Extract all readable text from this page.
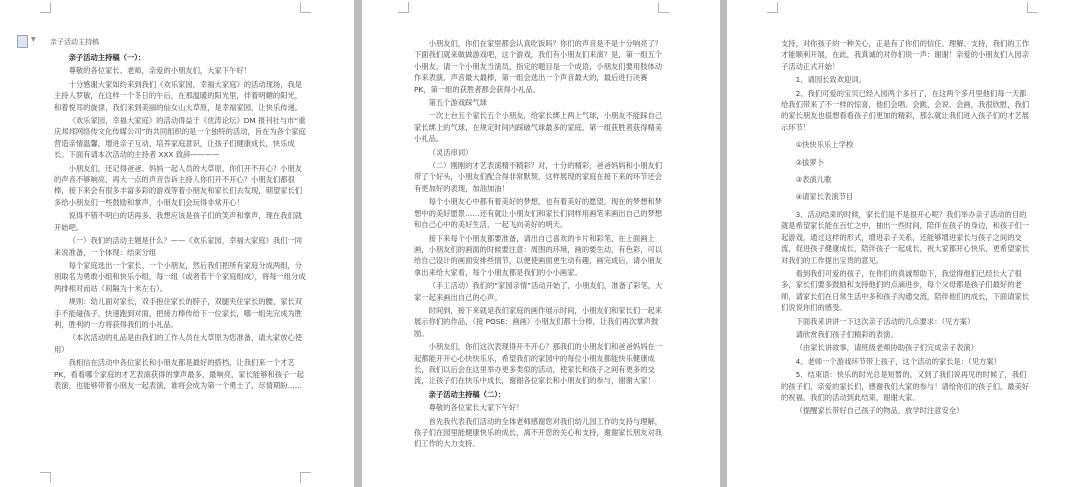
▼ 亲子活动主持稿

亲子活动主持稿（一）：

尊敬的各位家长、老师，亲爱的小朋友们，大家下午好！

十分感谢大家如约来到我们《欢乐家园，幸福大家庭》的活动现场，我是主持人罗敏，在这样一个冬日的午后，在那温暖的阳光里，伴着明媚的阳光，和着悦耳的旋律，我们来到美丽的仙女山大草原，是幸福家园，让快乐传递。

《欢乐家园，幸福大家庭》的活动得益于《优涛论坛》DM 报刊社与市“重庆邦邦网络传文化传媒公司”的共同组织的是一个独特的活动，旨在为各个家庭营造亲情温馨，增进亲子互动，培养家庭意识，让孩子们健康成长，快乐成长。下面有请本次活动的主持者 XXX 致辞————

小朋友们，还记得爸爸、妈妈一起人员的大草原，你们开不开心？小朋友的声音不够响亮，再大一点的声音告诉主持人你们开不开心？小朋友们都很棒，接下来会有很多丰富多彩的游戏等着小朋友和家长们去发现，期望家长们多给小朋友们一些鼓励和掌声，小朋友们会玩得非常开心！

说得不错不明白的话再多，我想应该是孩子们的笑声和掌声，现在我们就开始吧。

（一）我们的活动主题是什么？——《欢乐家园，幸福大家庭》我们一同来说准备，一个体现：结束分组

每个家庭选出一个家长、一个小朋友，然后我们把所有家庭分成两组，分别取名为勇敢小组和快乐小组，每一组（或者若干个家庭组成），将每一组分成两排相对而站（间隔为十米左右）。

规则：幼儿面对家长，双手抱住家长的脖子，双腿夹住家长的腰，家长双手不能碰孩子，快速跑到对面，把接力棒传给下一位家长，哪一组先完成为胜利，胜利的一方将获得我们的小礼品。

（本次活动的礼品是由我们的工作人员在大草原为您准备，请大家放心使用）

我相信在活动中各位家长和小朋友都是最好的搭档，让我们来一个才艺 PK，看看哪个家庭的才艺表演获得的掌声最多，最响亮，家长能够和孩子一起表演，也能够带着小朋友一起表演，谁将会成为第一个勇士了，尽情期盼……

小朋友们，你们在家里都会认真吃饭吗？你们的声音是不是十分响亮了？下面我们就来做做游戏吧，这个游戏，我们有小朋友们来演？是，第一组五个小朋友，请一个小朋友当演员，指定的题目是一个成语，小朋友们要用肢体动作来表演，声音最大最棒，第一组会选出一个声音最大的，最后进行决赛 PK，第一组的获胜者都会获得小礼品。

第五个游戏踩气球

一次上台五个家长五个小朋友，给家长绑上两上气球，小朋友不能踩自己家长绑上的气球，在规定时间内踩破气球最多的家庭，第一组获胜者获得精美小礼品。

（灵活串词）

（二）刚刚的才艺表演精不精彩？对，十分的精彩，爸爸妈妈和小朋友们带了个好头，小朋友们配合得非常默契，这样展现的家庭在接下来的环节还会有更加好的表现，加油加油！

每个小朋友心中都有着美好的梦想，也有着美好的愿望，现在的梦想和梦想中的美好愿景……还有就让小朋友们和家长们同样用画笔来画出自己的梦想和自己心中的美好生活，一起飞向美好的明天。

接下来每个小朋友都要准备，请出自己喜欢的卡片和彩笔，在上面画上画，小朋友们的画面的时候要注意：周围的环境，画的要生动，有色彩，可以给自己设计的画面安排些情节，以便使画面更生动有趣，画完成后，请小朋友拿出来给大家看，每个小朋友都是我们的小小画家。

（手工活动）我们的“家园亲情”活动开始了，小朋友们，准备了彩笔，大家一起来画出自己的心声。

时间到，接下来就是我们家庭的画作展示时间，小朋友们和家长们一起来展示你们的作品，（接 POSE：画画）小朋友们都十分棒，让我们再次掌声鼓励。

小朋友们，你们这次表现得开不开心？那我们的小朋友们和爸爸妈妈在一起都能开开心心快快乐乐，希望我们的家园中的每位小朋友都能快乐健康成长，我们以后会在这里举办更多类似的活动，使家长和孩子之间有更多的交流，让孩子们在快乐中成长，谢谢各位家长和小朋友们的参与，谢谢大家！

亲子活动主持稿（二）：

尊敬的各位家长大家下午好！

首先我代表我们活动的全体老师感谢您对我们幼儿园工作的支持与理解，孩子们在园里能健康快乐的成长，离不开您的关心和支持，谢谢家长朋友对我们工作的大力支持。

支持，对你孩子的一种关心，正是有了你们的信任、理解、支持，我们的工作才能顺利开展，在此，我真诚的对你们说一声：谢谢！亲爱的小朋友们入园亲子活动正式开始！

1、请园长致欢迎词。

2、我们可爱的宝贝已经入园两个多月了，在这两个多月里他们每一天都给我们带来了不一样的惊喜，他们会唱、会跳、会说、会画，我很欣慰，我们的家长朋友也很想看看孩子们更加的精彩，那么就让我们进入孩子们的才艺展示环节！

①快快乐乐上学校

②拔萝卜

③表演儿歌

④请家长表演节目

3、活动结束的时候，家长们是不是很开心呢？我们举办亲子活动的目的就是希望家长能在百忙之中，抽出一些时间，陪伴在孩子的身边，和孩子们一起游戏，通过这样的形式，增进亲子关系，还能够增进家长与孩子之间的交流，促进孩子健康成长，陪伴孩子一起成长，祝大家都开心快乐，更希望家长对我们的工作提出宝贵的意见。

看到我们可爱的孩子，在你们的真诚帮助下，我觉得他们已经长大了很多，家长们要多鼓励和支持他们的点滴进步，每个父母都是孩子们最好的老师，请家长们在日常生活中多和孩子沟通交流，陪伴他们的成长，下面请家长们说说你们的感受。

下面我来讲讲一下这次亲子活动的几点要求：（见方案）

请欣赏我们孩子们精彩的表演。

（由家长讲故事，请班级老师协助孩子们完成亲子表演）

4、老师一个游戏环节带上孩子，这个活动的家长是：（见方案）

5、结束语：快乐的时光总是短暂的，又到了我们说再见的时候了，我们的孩子们，亲爱的家长们，感谢我们大家的参与！请给你们的孩子们，最美好的祝福，我们的活动到此结束，谢谢大家。

（提醒家长带好自己孩子的物品，放学时注意安全）
